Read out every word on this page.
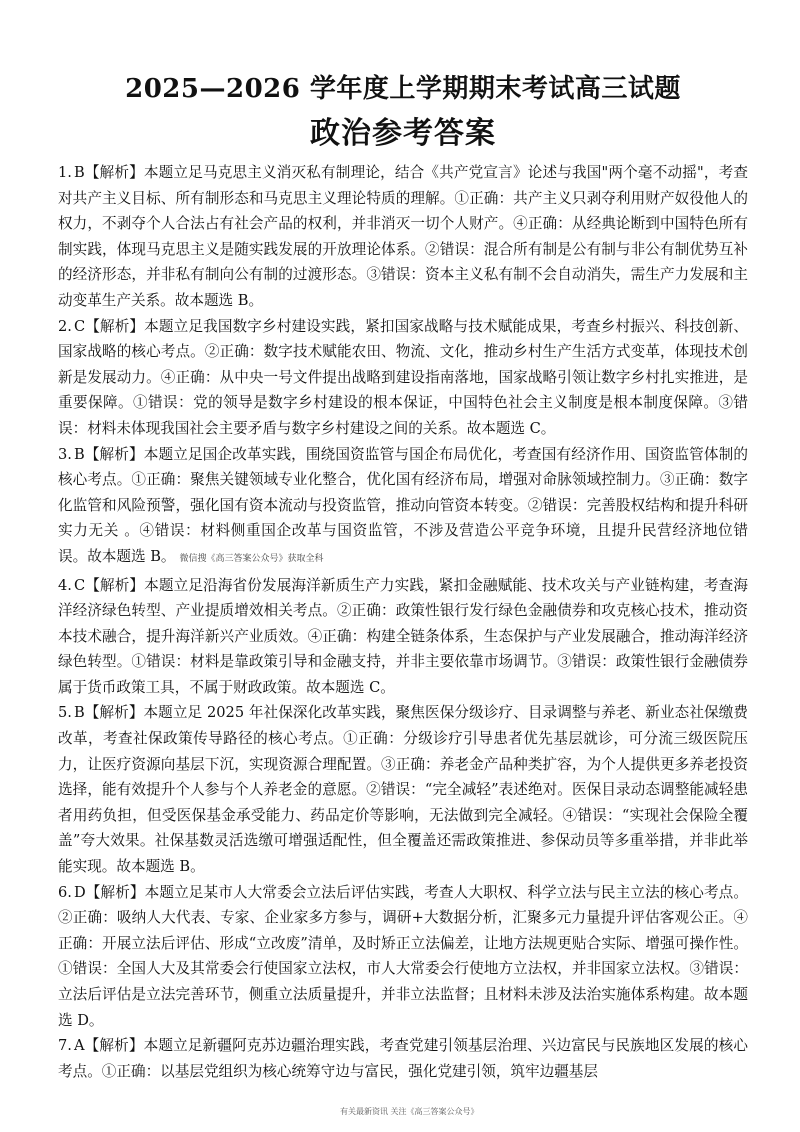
2025—2026 学年度上学期期末考试高三试题
政治参考答案

1. B【解析】本题立足马克思主义消灭私有制理论，结合《共产党宣言》论述与我国"两个毫不动摇"，考查对共产主义目标、所有制形态和马克思主义理论特质的理解。①正确：共产主义只剥夺利用财产奴役他人的权力，不剥夺个人合法占有社会产品的权利，并非消灭一切个人财产。④正确：从经典论断到中国特色所有制实践，体现马克思主义是随实践发展的开放理论体系。②错误：混合所有制是公有制与非公有制优势互补的经济形态，并非私有制向公有制的过渡形态。③错误：资本主义私有制不会自动消失，需生产力发展和主动变革生产关系。故本题选 B。

2. C【解析】本题立足我国数字乡村建设实践，紧扣国家战略与技术赋能成果，考查乡村振兴、科技创新、国家战略的核心考点。②正确：数字技术赋能农田、物流、文化，推动乡村生产生活方式变革，体现技术创新是发展动力。④正确：从中央一号文件提出战略到建设指南落地，国家战略引领让数字乡村扎实推进，是重要保障。①错误：党的领导是数字乡村建设的根本保证，中国特色社会主义制度是根本制度保障。③错误：材料未体现我国社会主要矛盾与数字乡村建设之间的关系。故本题选 C。

3. B【解析】本题立足国企改革实践，围绕国资监管与国企布局优化，考查国有经济作用、国资监管体制的核心考点。①正确：聚焦关键领域专业化整合，优化国有经济布局，增强对命脉领域控制力。③正确：数字化监管和风险预警，强化国有资本流动与投资监管，推动向管资本转变。②错误：完善股权结构和提升科研实力无关 。④错误：材料侧重国企改革与国资监管，不涉及营造公平竞争环境，且提升民营经济地位错误。故本题选 B。 微信搜《高三答案公众号》获取全科

4. C【解析】本题立足沿海省份发展海洋新质生产力实践，紧扣金融赋能、技术攻关与产业链构建，考查海洋经济绿色转型、产业提质增效相关考点。②正确：政策性银行发行绿色金融债券和攻克核心技术，推动资本技术融合，提升海洋新兴产业质效。④正确：构建全链条体系，生态保护与产业发展融合，推动海洋经济绿色转型。①错误：材料是靠政策引导和金融支持，并非主要依靠市场调节。③错误：政策性银行金融债券属于货币政策工具，不属于财政政策。故本题选 C。

5. B【解析】本题立足 2025 年社保深化改革实践，聚焦医保分级诊疗、目录调整与养老、新业态社保缴费改革，考查社保政策传导路径的核心考点。①正确：分级诊疗引导患者优先基层就诊，可分流三级医院压力，让医疗资源向基层下沉，实现资源合理配置。③正确：养老金产品种类扩容，为个人提供更多养老投资选择，能有效提升个人参与个人养老金的意愿。②错误：“完全减轻”表述绝对。医保目录动态调整能减轻患者用药负担，但受医保基金承受能力、药品定价等影响，无法做到完全减轻。④错误：“实现社会保险全覆盖”夸大效果。社保基数灵活选缴可增强适配性，但全覆盖还需政策推进、参保动员等多重举措，并非此举能实现。故本题选 B。

6. D【解析】本题立足某市人大常委会立法后评估实践，考查人大职权、科学立法与民主立法的核心考点。②正确：吸纳人大代表、专家、企业家多方参与，调研+大数据分析，汇聚多元力量提升评估客观公正。④正确：开展立法后评估、形成“立改废”清单，及时矫正立法偏差，让地方法规更贴合实际、增强可操作性。①错误：全国人大及其常委会行使国家立法权，市人大常委会行使地方立法权，并非国家立法权。③错误：立法后评估是立法完善环节，侧重立法质量提升，并非立法监督；且材料未涉及法治实施体系构建。故本题选 D。

7. A【解析】本题立足新疆阿克苏边疆治理实践，考查党建引领基层治理、兴边富民与民族地区发展的核心考点。①正确：以基层党组织为核心统筹守边与富民，强化党建引领，筑牢边疆基层

有关最新资讯 关注《高三答案公众号》
